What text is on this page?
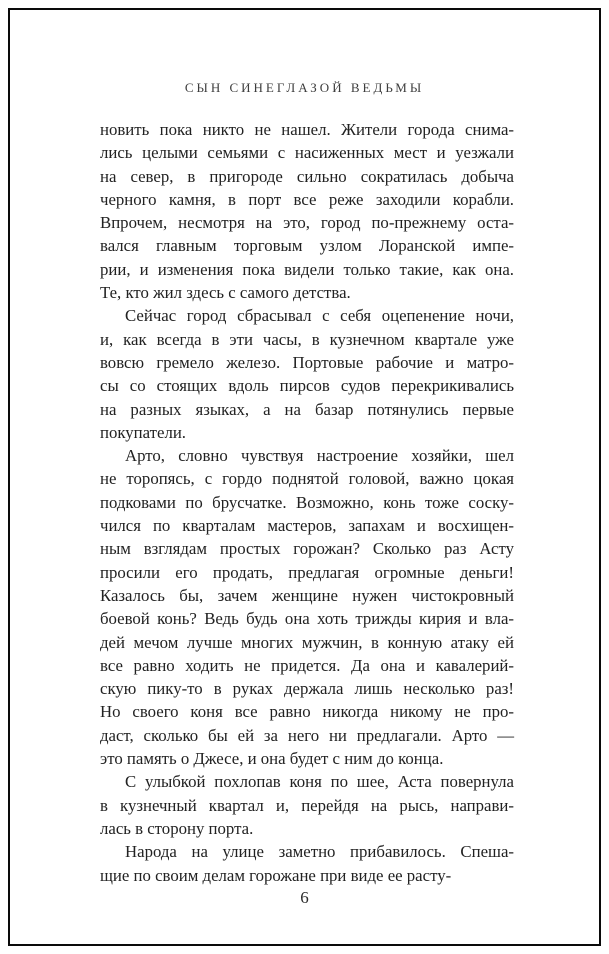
СЫН СИНЕГЛАЗОЙ ВЕДЬМЫ
новить пока никто не нашел. Жители города снима-
лись целыми семьями с насиженных мест и уезжали
на север, в пригороде сильно сократилась добыча
черного камня, в порт все реже заходили корабли.
Впрочем, несмотря на это, город по-прежнему оста-
вался главным торговым узлом Лоранской импе-
рии, и изменения пока видели только такие, как она.
Те, кто жил здесь с самого детства.
Сейчас город сбрасывал с себя оцепенение ночи,
и, как всегда в эти часы, в кузнечном квартале уже
вовсю гремело железо. Портовые рабочие и матро-
сы со стоящих вдоль пирсов судов перекрикивались
на разных языках, а на базар потянулись первые
покупатели.
Арто, словно чувствуя настроение хозяйки, шел
не торопясь, с гордо поднятой головой, важно цокая
подковами по брусчатке. Возможно, конь тоже соску-
чился по кварталам мастеров, запахам и восхищен-
ным взглядам простых горожан? Сколько раз Асту
просили его продать, предлагая огромные деньги!
Казалось бы, зачем женщине нужен чистокровный
боевой конь? Ведь будь она хоть трижды кирия и вла-
дей мечом лучше многих мужчин, в конную атаку ей
все равно ходить не придется. Да она и кавалерий-
скую пику-то в руках держала лишь несколько раз!
Но своего коня все равно никогда никому не про-
даст, сколько бы ей за него ни предлагали. Арто —
это память о Джесе, и она будет с ним до конца.
С улыбкой похлопав коня по шее, Аста повернула
в кузнечный квартал и, перейдя на рысь, направи-
лась в сторону порта.
Народа на улице заметно прибавилось. Спеша-
щие по своим делам горожане при виде ее расту-
6
